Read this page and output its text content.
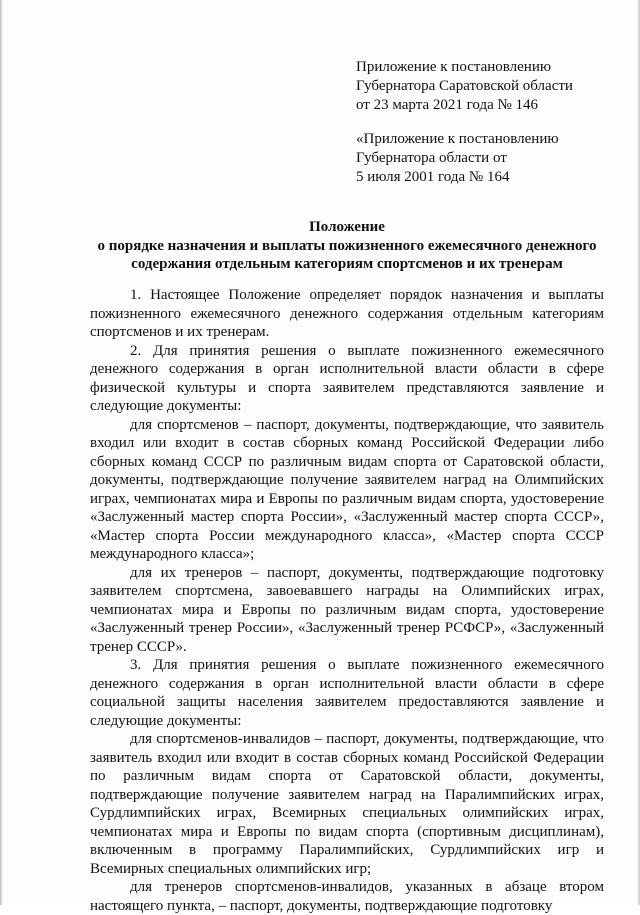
Приложение к постановлению
Губернатора Саратовской области
от 23 марта 2021 года № 146
«Приложение к постановлению
Губернатора области от
5 июля 2001 года № 164
Положение
о порядке назначения и выплаты пожизненного ежемесячного денежного
содержания отдельным категориям спортсменов и их тренерам

1. Настоящее Положение определяет порядок назначения и выплаты пожизненного ежемесячного денежного содержания отдельным категориям спортсменов и их тренерам.

2. Для принятия решения о выплате пожизненного ежемесячного денежного содержания в орган исполнительной власти области в сфере физической культуры и спорта заявителем представляются заявление и следующие документы:

для спортсменов – паспорт, документы, подтверждающие, что заявитель входил или входит в состав сборных команд Российской Федерации либо сборных команд СССР по различным видам спорта от Саратовской области, документы, подтверждающие получение заявителем наград на Олимпийских играх, чемпионатах мира и Европы по различным видам спорта, удостоверение «Заслуженный мастер спорта России», «Заслуженный мастер спорта СССР», «Мастер спорта России международного класса», «Мастер спорта СССР международного класса»;

для их тренеров – паспорт, документы, подтверждающие подготовку заявителем спортсмена, завоевавшего награды на Олимпийских играх, чемпионатах мира и Европы по различным видам спорта, удостоверение «Заслуженный тренер России», «Заслуженный тренер РСФСР», «Заслуженный тренер СССР».

3. Для принятия решения о выплате пожизненного ежемесячного денежного содержания в орган исполнительной власти области в сфере социальной защиты населения заявителем предоставляются заявление и следующие документы:

для спортсменов-инвалидов – паспорт, документы, подтверждающие, что заявитель входил или входит в состав сборных команд Российской Федерации по различным видам спорта от Саратовской области, документы, подтверждающие получение заявителем наград на Паралимпийских играх, Сурдлимпийских играх, Всемирных специальных олимпийских играх, чемпионатах мира и Европы по видам спорта (спортивным дисциплинам), включенным в программу Паралимпийских, Сурдлимпийских игр и Всемирных специальных олимпийских игр;

для тренеров спортсменов-инвалидов, указанных в абзаце втором настоящего пункта, – паспорт, документы, подтверждающие подготовку
